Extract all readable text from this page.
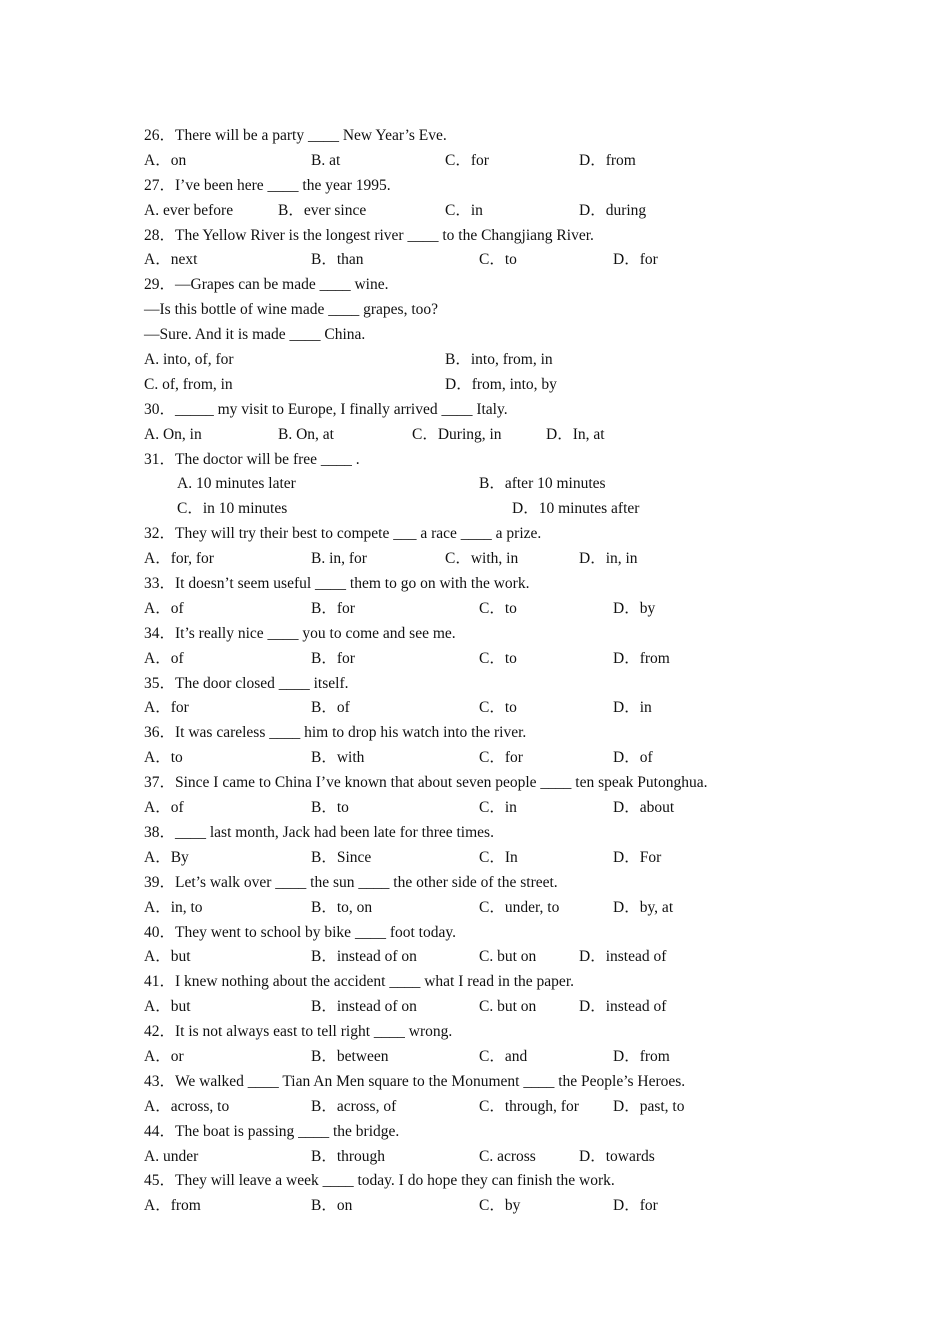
26．There will be a party ____ New Year’s Eve.
A．on	B. at	C．for	D．from
27．I’ve been here ____ the year 1995.
A. ever before	B．ever since	C．in	D．during
28．The Yellow River is the longest river ____ to the Changjiang River.
A．next	B．than	C．to	D．for
29．—Grapes can be made ____ wine.
—Is this bottle of wine made ____ grapes, too?
—Sure. And it is made ____ China.
A. into, of, for	B．into, from, in
C. of, from, in	D．from, into, by
30．_____ my visit to Europe, I finally arrived ____ Italy.
A. On, in	B. On, at	C．During, in	D．In, at
31．The doctor will be free ____ .
A. 10 minutes later	B．after 10 minutes
C．in 10 minutes	D．10 minutes after
32．They will try their best to compete ___ a race ____ a prize.
A．for, for	B. in, for	C．with, in	D．in, in
33．It doesn’t seem useful ____ them to go on with the work.
A．of	B．for	C．to	D．by
34．It’s really nice ____ you to come and see me.
A．of	B．for	C．to	D．from
35．The door closed ____ itself.
A．for	B．of	C．to	D．in
36．It was careless ____ him to drop his watch into the river.
A．to	B．with	C．for	D．of
37．Since I came to China I’ve known that about seven people ____ ten speak Putonghua.
A．of	B．to	C．in	D．about
38．____ last month, Jack had been late for three times.
A．By	B．Since	C．In	D．For
39．Let’s walk over ____ the sun ____ the other side of the street.
A．in, to	B．to, on	C．under, to	D．by, at
40．They went to school by bike ____ foot today.
A．but	B．instead of on	C. but on	D．instead of
41．I knew nothing about the accident ____ what I read in the paper.
A．but	B．instead of on	C. but on	D．instead of
42．It is not always east to tell right ____ wrong.
A．or	B．between	C．and	D．from
43．We walked ____ Tian An Men square to the Monument ____ the People’s Heroes.
A．across, to	B．across, of	C．through, for D．past, to
44．The boat is passing ____ the bridge.
A. under	B．through	C. across	D．towards
45．They will leave a week ____ today. I do hope they can finish the work.
A．from	B．on	C．by	D．for
